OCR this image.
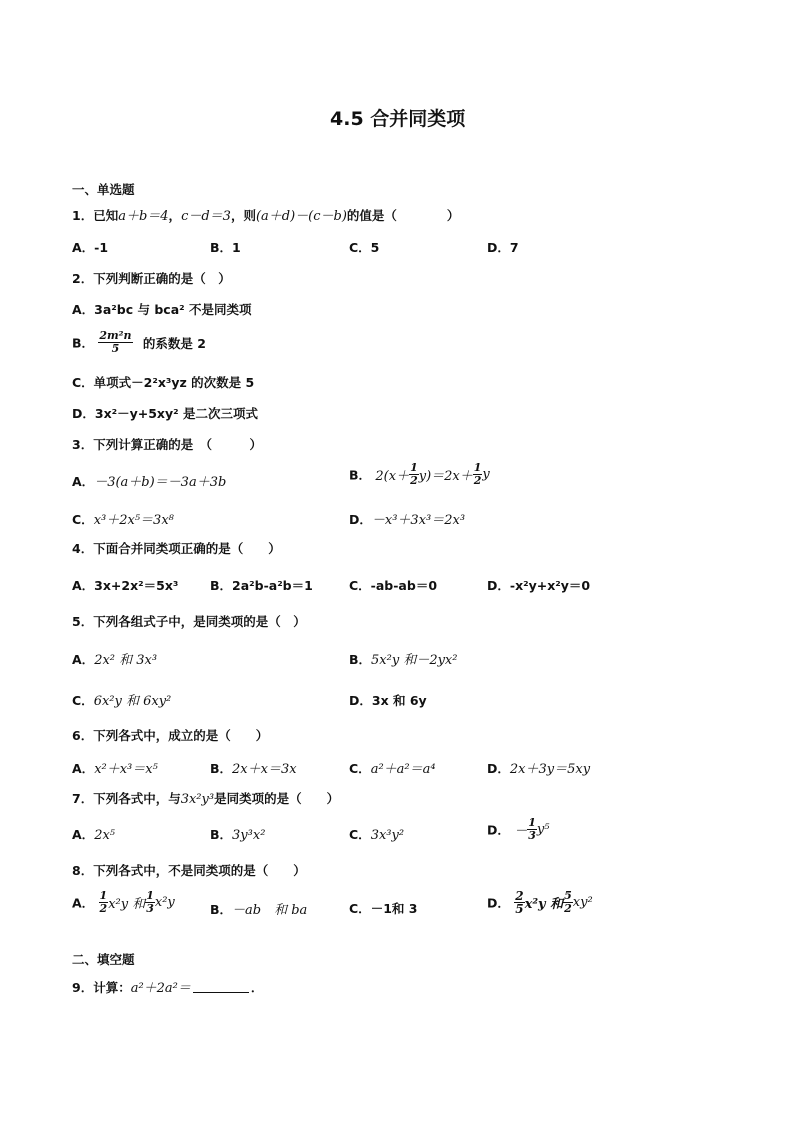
4.5 合并同类项
一、单选题
1．已知a＋b＝4，c－d＝3，则(a＋d)－(c－b)的值是（　　　　）
A．-1	B．1	C．5	D．7
2．下列判断正确的是（　）
A．3a²bc 与 bca² 不是同类项
B． $\frac{\text{2m²n}}{5}$ 的系数是 2
C．单项式－2²x³yz 的次数是 5
D．3x²－y+5xy² 是二次三项式
3．下列计算正确的是　（　　　）
A．－3(a＋b)＝－3a＋3b	B． $2(x+ \frac{1}{2} y)=2x+ \frac{1}{2}$ y
C．x³＋2x⁵＝3x⁸	D．－x³＋3x³＝2x³
4．下面合并同类项正确的是（　　）
A．3x+2x²＝5x³	B．2a²b-a²b＝1	C．-ab-ab＝0	D．-x²y+x²y＝0
5．下列各组式子中，是同类项的是（　）
A．2x² 和 3x³	B．5x²y 和－2yx²
C．6x²y 和 6xy²	D．3x 和 6y
6．下列各式中，成立的是（　　）
A．x²＋x³＝x⁵	B．2x＋x＝3x	C．a²＋a²＝a⁴	D．2x＋3y＝5xy
7．下列各式中，与3x²y³是同类项的是（　　）
A．2x⁵	B．3y³x²	C．3x³y²	D． － $\frac{1}{3} y^5$
8．下列各式中，不是同类项的是（　　）
A． $\frac{1}{2} x^2y$ 和 $\frac{1}{3} x^2y$	B．－ab　和 ba	C．－1和 3	D． $\frac{2}{5} x^2y$ 和 $\frac{5}{2} xy^2$
二、填空题
9．计算：a²＋2a²＝	．
